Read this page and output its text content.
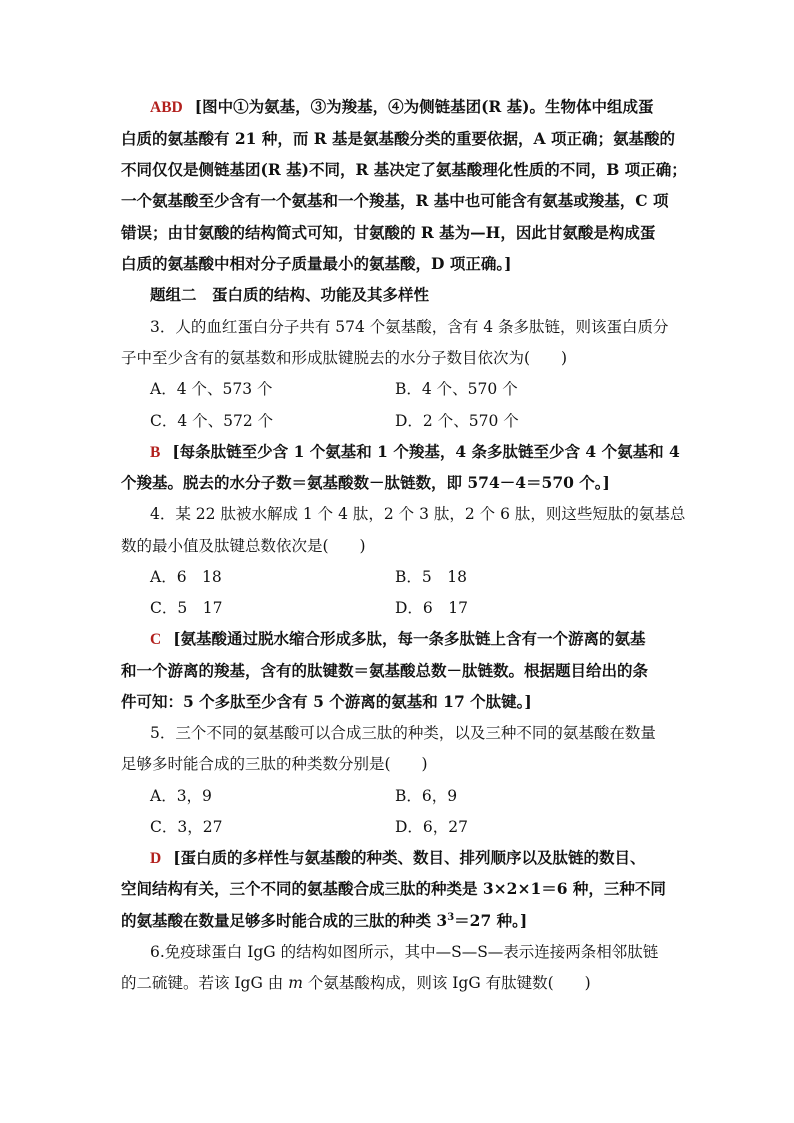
ABD [图中①为氨基，③为羧基，④为侧链基团(R 基)。生物体中组成蛋
白质的氨基酸有 21 种，而 R 基是氨基酸分类的重要依据，A 项正确；氨基酸的
不同仅仅是侧链基团(R 基)不同，R 基决定了氨基酸理化性质的不同，B 项正确；
一个氨基酸至少含有一个氨基和一个羧基，R 基中也可能含有氨基或羧基，C 项
错误；由甘氨酸的结构简式可知，甘氨酸的 R 基为—H，因此甘氨酸是构成蛋
白质的氨基酸中相对分子质量最小的氨基酸，D 项正确。]
题组二　蛋白质的结构、功能及其多样性
3．人的血红蛋白分子共有 574 个氨基酸，含有 4 条多肽链，则该蛋白质分
子中至少含有的氨基数和形成肽键脱去的水分子数目依次为(　　)
A．4 个、573 个	B．4 个、570 个
C．4 个、572 个	D．2 个、570 个
B [每条肽链至少含 1 个氨基和 1 个羧基，4 条多肽链至少含 4 个氨基和 4
个羧基。脱去的水分子数＝氨基酸数－肽链数，即 574－4＝570 个。]
4．某 22 肽被水解成 1 个 4 肽，2 个 3 肽，2 个 6 肽，则这些短肽的氨基总
数的最小值及肽键总数依次是(　　)
A．6　18	B．5　18
C．5　17	D．6　17
C [氨基酸通过脱水缩合形成多肽，每一条多肽链上含有一个游离的氨基
和一个游离的羧基，含有的肽键数＝氨基酸总数－肽链数。根据题目给出的条
件可知：5 个多肽至少含有 5 个游离的氨基和 17 个肽键。]
5．三个不同的氨基酸可以合成三肽的种类，以及三种不同的氨基酸在数量
足够多时能合成的三肽的种类数分别是(　　)
A．3，9	B．6，9
C．3，27	D．6，27
D [蛋白质的多样性与氨基酸的种类、数目、排列顺序以及肽链的数目、
空间结构有关，三个不同的氨基酸合成三肽的种类是 3×2×1＝6 种，三种不同
的氨基酸在数量足够多时能合成的三肽的种类 $3^3=27$ 种。]
6.免疫球蛋白 IgG 的结构如图所示，其中—S—S—表示连接两条相邻肽链
的二硫键。若该 IgG 由 m 个氨基酸构成，则该 IgG 有肽键数(　　)
